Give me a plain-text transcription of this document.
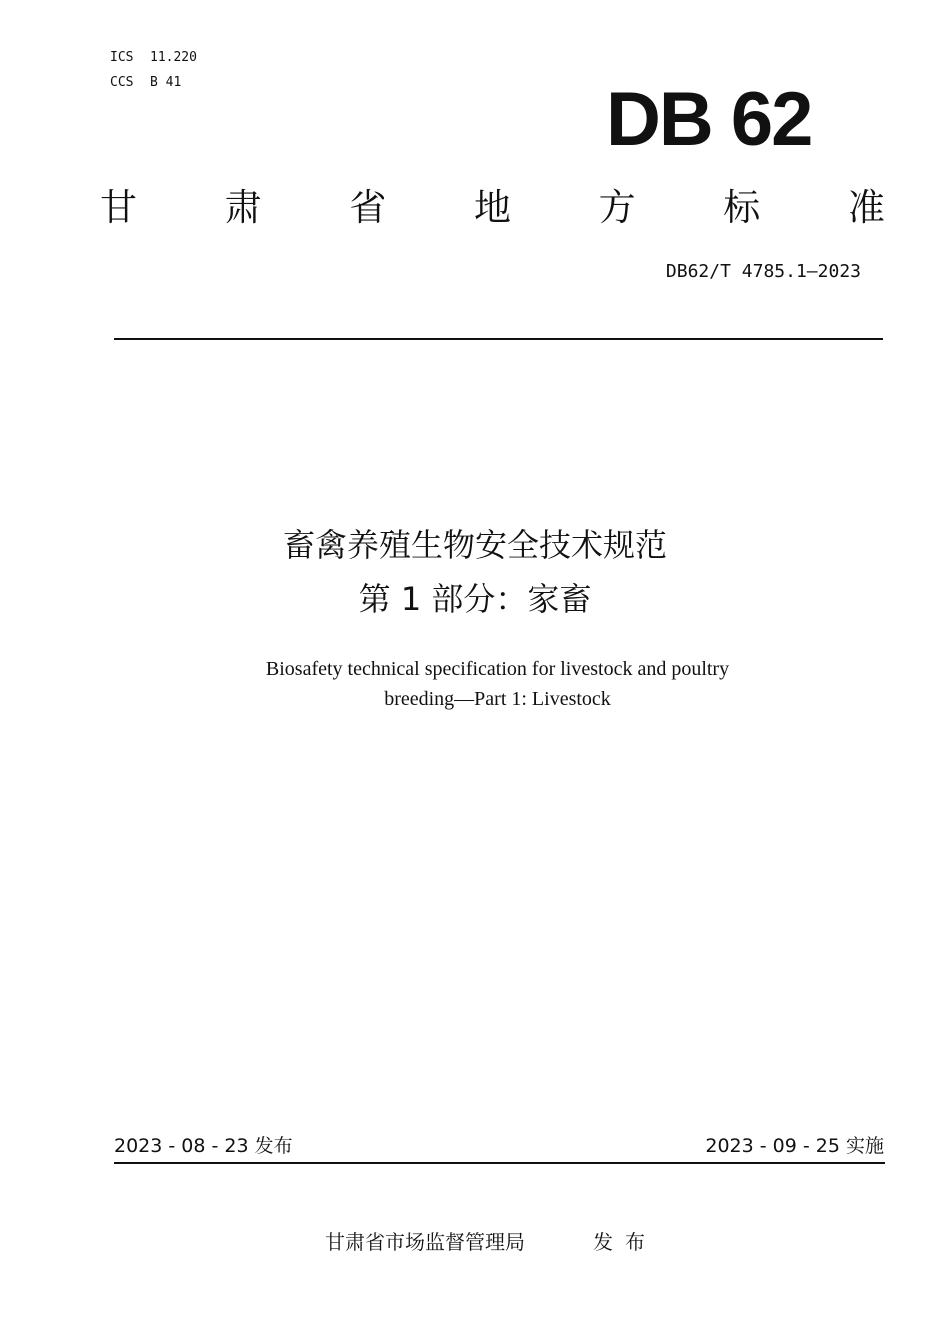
ICS	11.220
CCS	B 41	DB 62
甘 肃 省 地 方 标 准
DB62/T 4785.1—2023
畜禽养殖生物安全技术规范
第 1 部分：家畜
Biosafety technical specification for livestock and poultry
breeding—Part 1: Livestock
2023 - 08 - 23 发布	2023 - 09 - 25 实施
甘肃省市场监督管理局	发布
